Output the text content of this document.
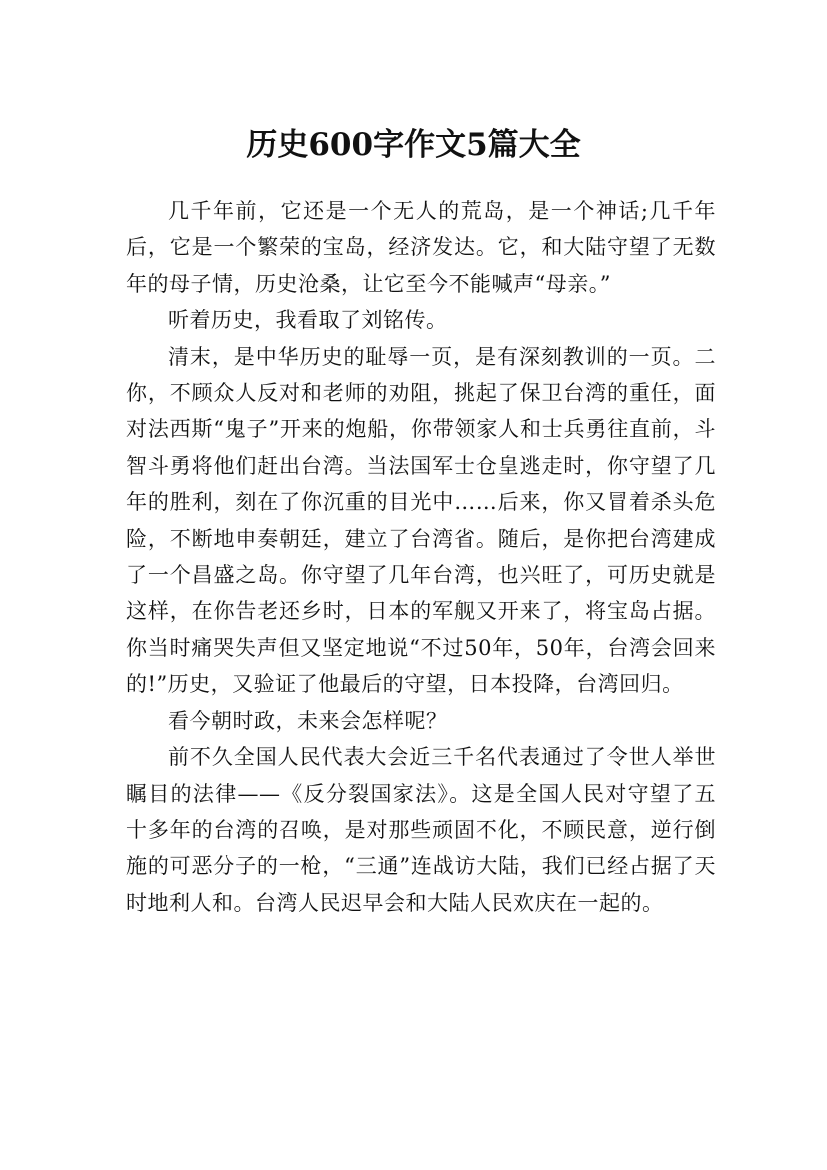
历史600字作文5篇大全

几千年前，它还是一个无人的荒岛，是一个神话;几千年后，它是一个繁荣的宝岛，经济发达。它，和大陆守望了无数年的母子情，历史沧桑，让它至今不能喊声“母亲。”

听着历史，我看取了刘铭传。

清末，是中华历史的耻辱一页，是有深刻教训的一页。二你，不顾众人反对和老师的劝阻，挑起了保卫台湾的重任，面对法西斯“鬼子”开来的炮船，你带领家人和士兵勇往直前，斗智斗勇将他们赶出台湾。当法国军士仓皇逃走时，你守望了几年的胜利，刻在了你沉重的目光中……后来，你又冒着杀头危险，不断地申奏朝廷，建立了台湾省。随后，是你把台湾建成了一个昌盛之岛。你守望了几年台湾，也兴旺了，可历史就是这样，在你告老还乡时，日本的军舰又开来了，将宝岛占据。你当时痛哭失声但又坚定地说“不过50年，50年，台湾会回来的!”历史，又验证了他最后的守望，日本投降，台湾回归。

看今朝时政，未来会怎样呢？

前不久全国人民代表大会近三千名代表通过了令世人举世瞩目的法律——《反分裂国家法》。这是全国人民对守望了五十多年的台湾的召唤，是对那些顽固不化，不顾民意，逆行倒施的可恶分子的一枪，“三通”连战访大陆，我们已经占据了天时地利人和。台湾人民迟早会和大陆人民欢庆在一起的。
